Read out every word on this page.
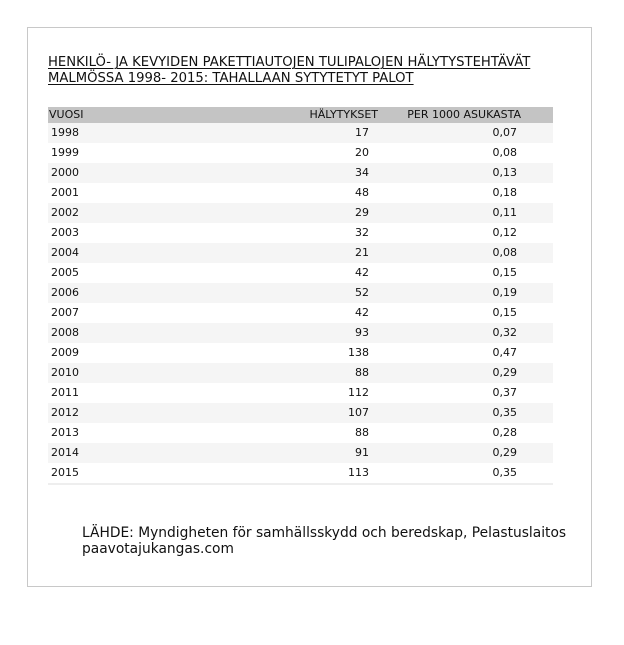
HENKILÖ- JA KEVYIDEN PAKETTIAUTOJEN TULIPALOJEN HÄLYTYSTEHTÄVÄT
MALMÖSSA 1998- 2015: TAHALLAAN SYTYTETYT PALOT
VUOSI	HÄLYTYKSET	PER 1000 ASUKASTA
1998	17	0,07
1999	20	0,08
2000	34	0,13
2001	48	0,18
2002	29	0,11
2003	32	0,12
2004	21	0,08
2005	42	0,15
2006	52	0,19
2007	42	0,15
2008	93	0,32
2009	138	0,47
2010	88	0,29
2011	112	0,37
2012	107	0,35
2013	88	0,28
2014	91	0,29
2015	113	0,35
LÄHDE: Myndigheten för samhällsskydd och beredskap, Pelastuslaitos
paavotajukangas.com
